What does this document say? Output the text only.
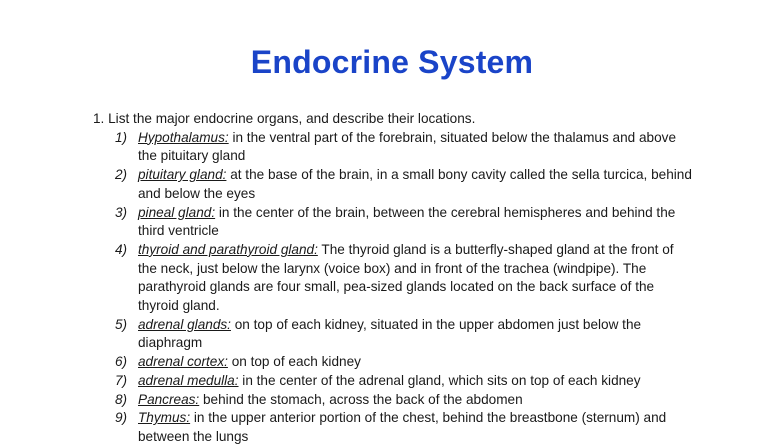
Endocrine System
1. List the major endocrine organs, and describe their locations.
1) Hypothalamus: in the ventral part of the forebrain, situated below the thalamus and above the pituitary gland
2) pituitary gland: at the base of the brain, in a small bony cavity called the sella turcica, behind and below the eyes
3) pineal gland: in the center of the brain, between the cerebral hemispheres and behind the third ventricle
4) thyroid and parathyroid gland: The thyroid gland is a butterfly-shaped gland at the front of the neck, just below the larynx (voice box) and in front of the trachea (windpipe). The parathyroid glands are four small, pea-sized glands located on the back surface of the thyroid gland.
5) adrenal glands: on top of each kidney, situated in the upper abdomen just below the diaphragm
6) adrenal cortex: on top of each kidney
7) adrenal medulla: in the center of the adrenal gland, which sits on top of each kidney
8) Pancreas: behind the stomach, across the back of the abdomen
9) Thymus: in the upper anterior portion of the chest, behind the breastbone (sternum) and between the lungs
